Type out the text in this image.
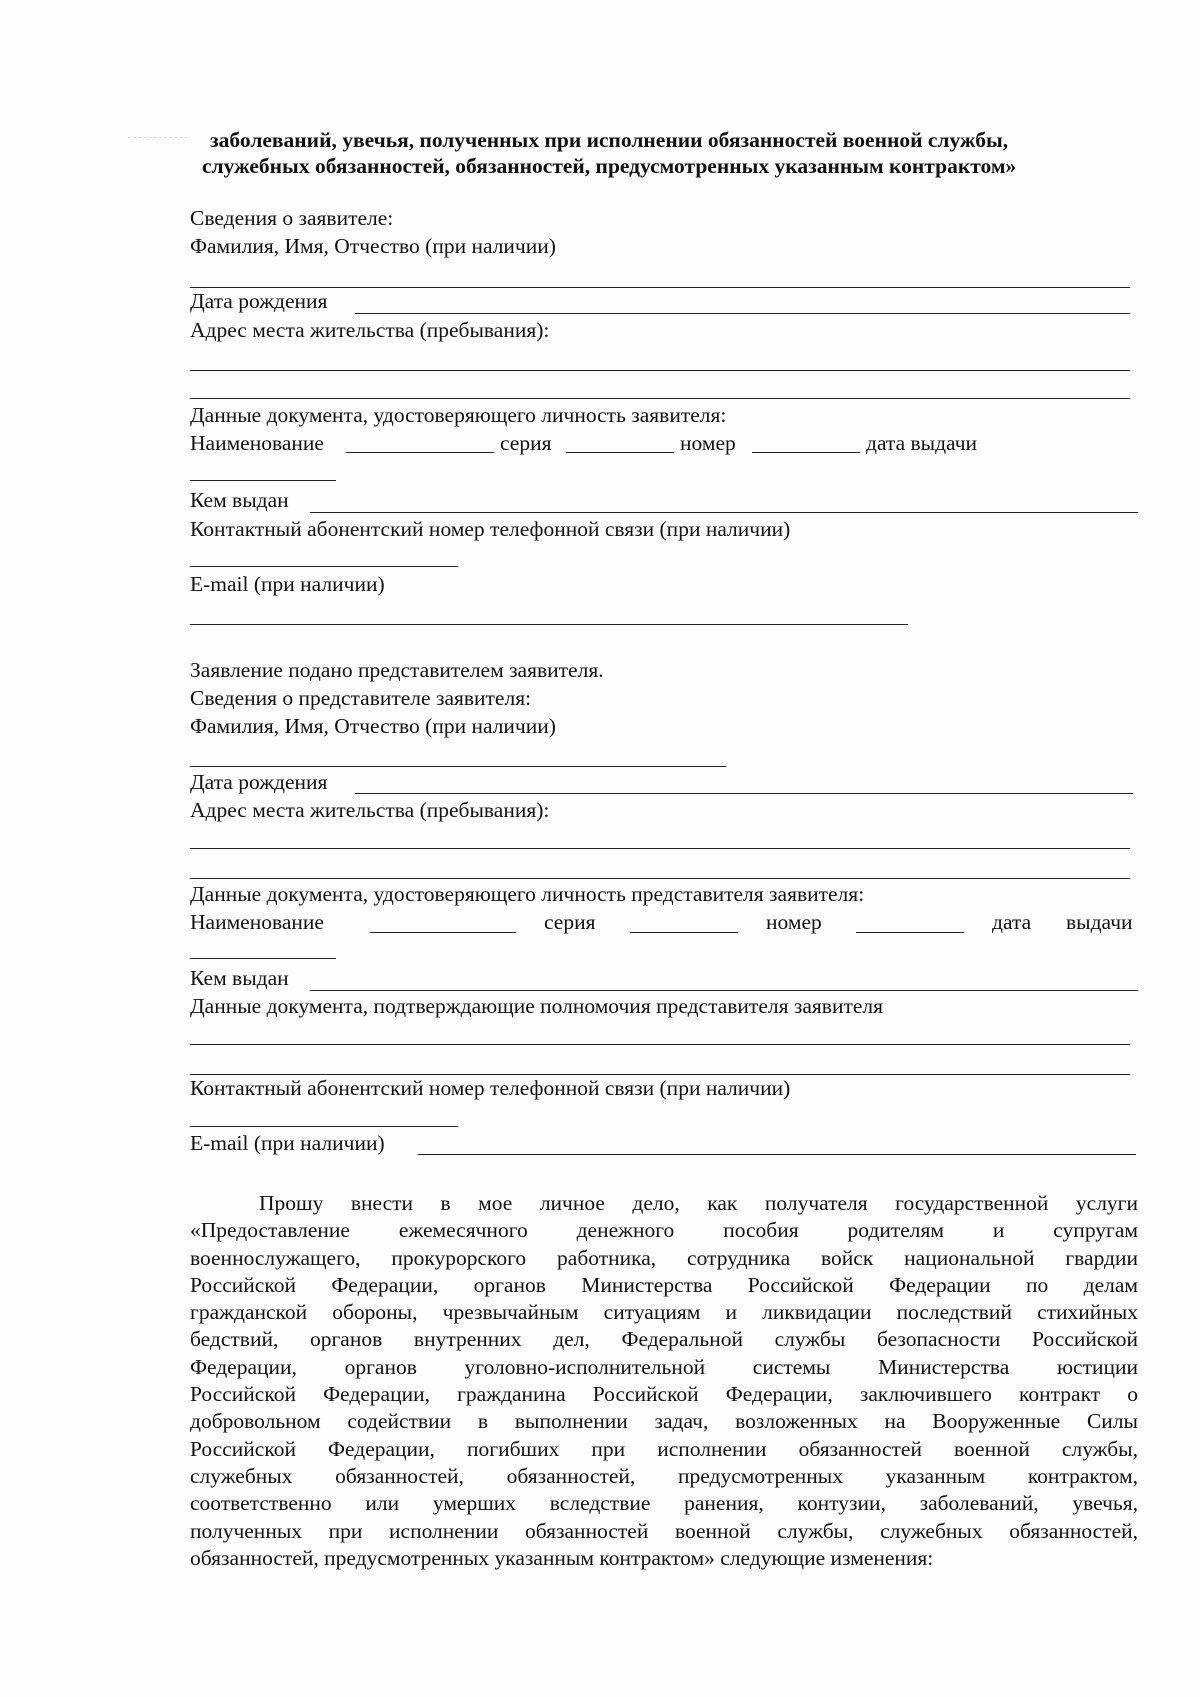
заболеваний, увечья, полученных при исполнении обязанностей военной службы,
служебных обязанностей, обязанностей, предусмотренных указанным контрактом»
Сведения о заявителе:
Фамилия, Имя, Отчество (при наличии)
Дата рождения
Адрес места жительства (пребывания):
Данные документа, удостоверяющего личность заявителя:
Наименование	серия	номер	дата выдачи
Кем выдан
Контактный абонентский номер телефонной связи (при наличии)
E-mail (при наличии)
Заявление подано представителем заявителя.
Сведения о представителе заявителя:
Фамилия, Имя, Отчество (при наличии)
Дата рождения
Адрес места жительства (пребывания):
Данные документа, удостоверяющего личность представителя заявителя:
Наименование	серия	номер	дата выдачи
Кем выдан
Данные документа, подтверждающие полномочия представителя заявителя
Контактный абонентский номер телефонной связи (при наличии)
E-mail (при наличии)
Прошу внести в мое личное дело, как получателя государственной услуги
«Предоставление ежемесячного денежного пособия родителям и супругам
военнослужащего, прокурорского работника, сотрудника войск национальной гвардии
Российской Федерации, органов Министерства Российской Федерации по делам
гражданской обороны, чрезвычайным ситуациям и ликвидации последствий стихийных
бедствий, органов внутренних дел, Федеральной службы безопасности Российской
Федерации, органов уголовно-исполнительной системы Министерства юстиции
Российской Федерации, гражданина Российской Федерации, заключившего контракт о
добровольном содействии в выполнении задач, возложенных на Вооруженные Силы
Российской Федерации, погибших при исполнении обязанностей военной службы,
служебных обязанностей, обязанностей, предусмотренных указанным контрактом,
соответственно или умерших вследствие ранения, контузии, заболеваний, увечья,
полученных при исполнении обязанностей военной службы, служебных обязанностей,
обязанностей, предусмотренных указанным контрактом» следующие изменения:
